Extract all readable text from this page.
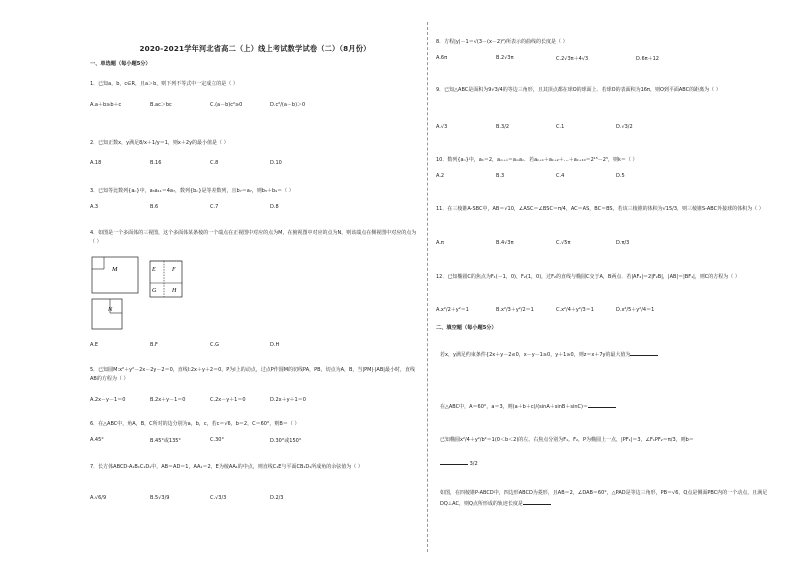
2020-2021学年河北省高二（上）线上考试数学试卷（二）（8月份）
一、单选题（每小题5分）
1．已知a，b，c∈R，且a＞b，则下列不等式中一定成立的是（ ）
A.a＋b≥b＋c	B.ac＞bc	C.(a－b)c²≥0	D.c²/(a－b)＞0
2．已知正数x，y满足8/x＋1/y＝1，则x＋2y的最小值是（ ）
A.18	B.16	C.8	D.10
3．已知等比数列{aₙ}中，a₃a₁₁＝4a₇，数列{bₙ}是等差数列，且b₇＝a₇，则b₅＋b₉＝（ ）
A.3	B.6	C.7	D.8
4．如图是一个多面体的三视图，这个多面体某条棱的一个端点在正视图中对应的点为M，在俯视图中对应的点为N，则该端点在侧视图中对应的点为（ ）
M
N
E	F
G	H
A.E	B.F	C.G	D.H
5．已知圆M:x²＋y²－2x－2y－2＝0，直线l:2x＋y＋2＝0，P为l上的动点，过点P作圆M的切线PA，PB，切点为A，B，当|PM|·|AB|最小时，直线AB的方程为（ ）
A.2x－y－1＝0	B.2x＋y－1＝0	C.2x－y＋1＝0	D.2x＋y＋1＝0
6．在△ABC中，角A，B，C所对的边分别为a，b，c，若c＝√6，b＝2，C＝60°，则B＝（ ）
A.45°	B.45°或135°	C.30°	D.30°或150°
7．长方体ABCD-A₁B₁C₁D₁中，AB＝AD＝1，AA₁＝2，E为棱AA₁的中点，则直线C₁E与平面CB₁D₁所成角的余弦值为（ ）
A.√6/9	B.5√3/9	C.√3/3	D.2/3
8．方程|y|－1＝√(3－(x－2)²)所表示的曲线的长度是（ ）
A.6π	B.2√3π	C.2√3π＋4√3	D.6π＋12
9．已知△ABC是面积为9√3/4的等边三角形，且其顶点都在球O的球面上．若球O的表面积为16π，则O到平面ABC的距离为（ ）
A.√3	B.3/2	C.1	D.√3/2
10．数列{aₙ}中，a₁＝2，aₘ₊ₙ＝aₘaₙ．若aₖ₊₁＋aₖ₊₂＋…＋aₖ₊₁₀＝2¹⁵－2⁵，则k＝（ ）
A.2	B.3	C.4	D.5
11．在三棱锥A-SBC中，AB＝√10，∠ASC＝∠BSC＝π/4，AC＝AS，BC＝BS，若该三棱锥的体积为√15/3，则三棱锥S-ABC外接球的体积为（ ）
A.π	B.4√3π	C.√5π	D.π/3
12．已知椭圆C的焦点为F₁(－1，0)，F₂(1，0)，过F₂的直线与椭圆C交于A，B两点．若|AF₂|＝2|F₂B|，|AB|＝|BF₁|，则C的方程为（ ）
A.x²/2＋y²＝1	B.x²/3＋y²/2＝1	C.x²/4＋y²/3＝1	D.x²/5＋y²/4＝1
二、填空题（每小题5分）
若x，y满足约束条件{2x＋y－2≤0，x－y－1≥0，y＋1≥0，则z＝x＋7y的最大值为
在△ABC中，A＝60°，a＝3，则(a＋b＋c)/(sinA＋sinB＋sinC)＝
已知椭圆x²/4＋y²/b²＝1(0＜b＜2)的左、右焦点分别为F₁，F₂，P为椭圆上一点，|PF₁|＝3，∠F₁PF₂＝π/3，则b＝
3/2
如图，在四棱锥P-ABCD中，四边形ABCD为菱形，且AB＝2，∠DAB＝60°，△PAD是等边三角形，PB＝√6，Q点是侧面PBC内的一个动点，且满足DQ⊥AC，则Q点所形成的轨迹长度是
